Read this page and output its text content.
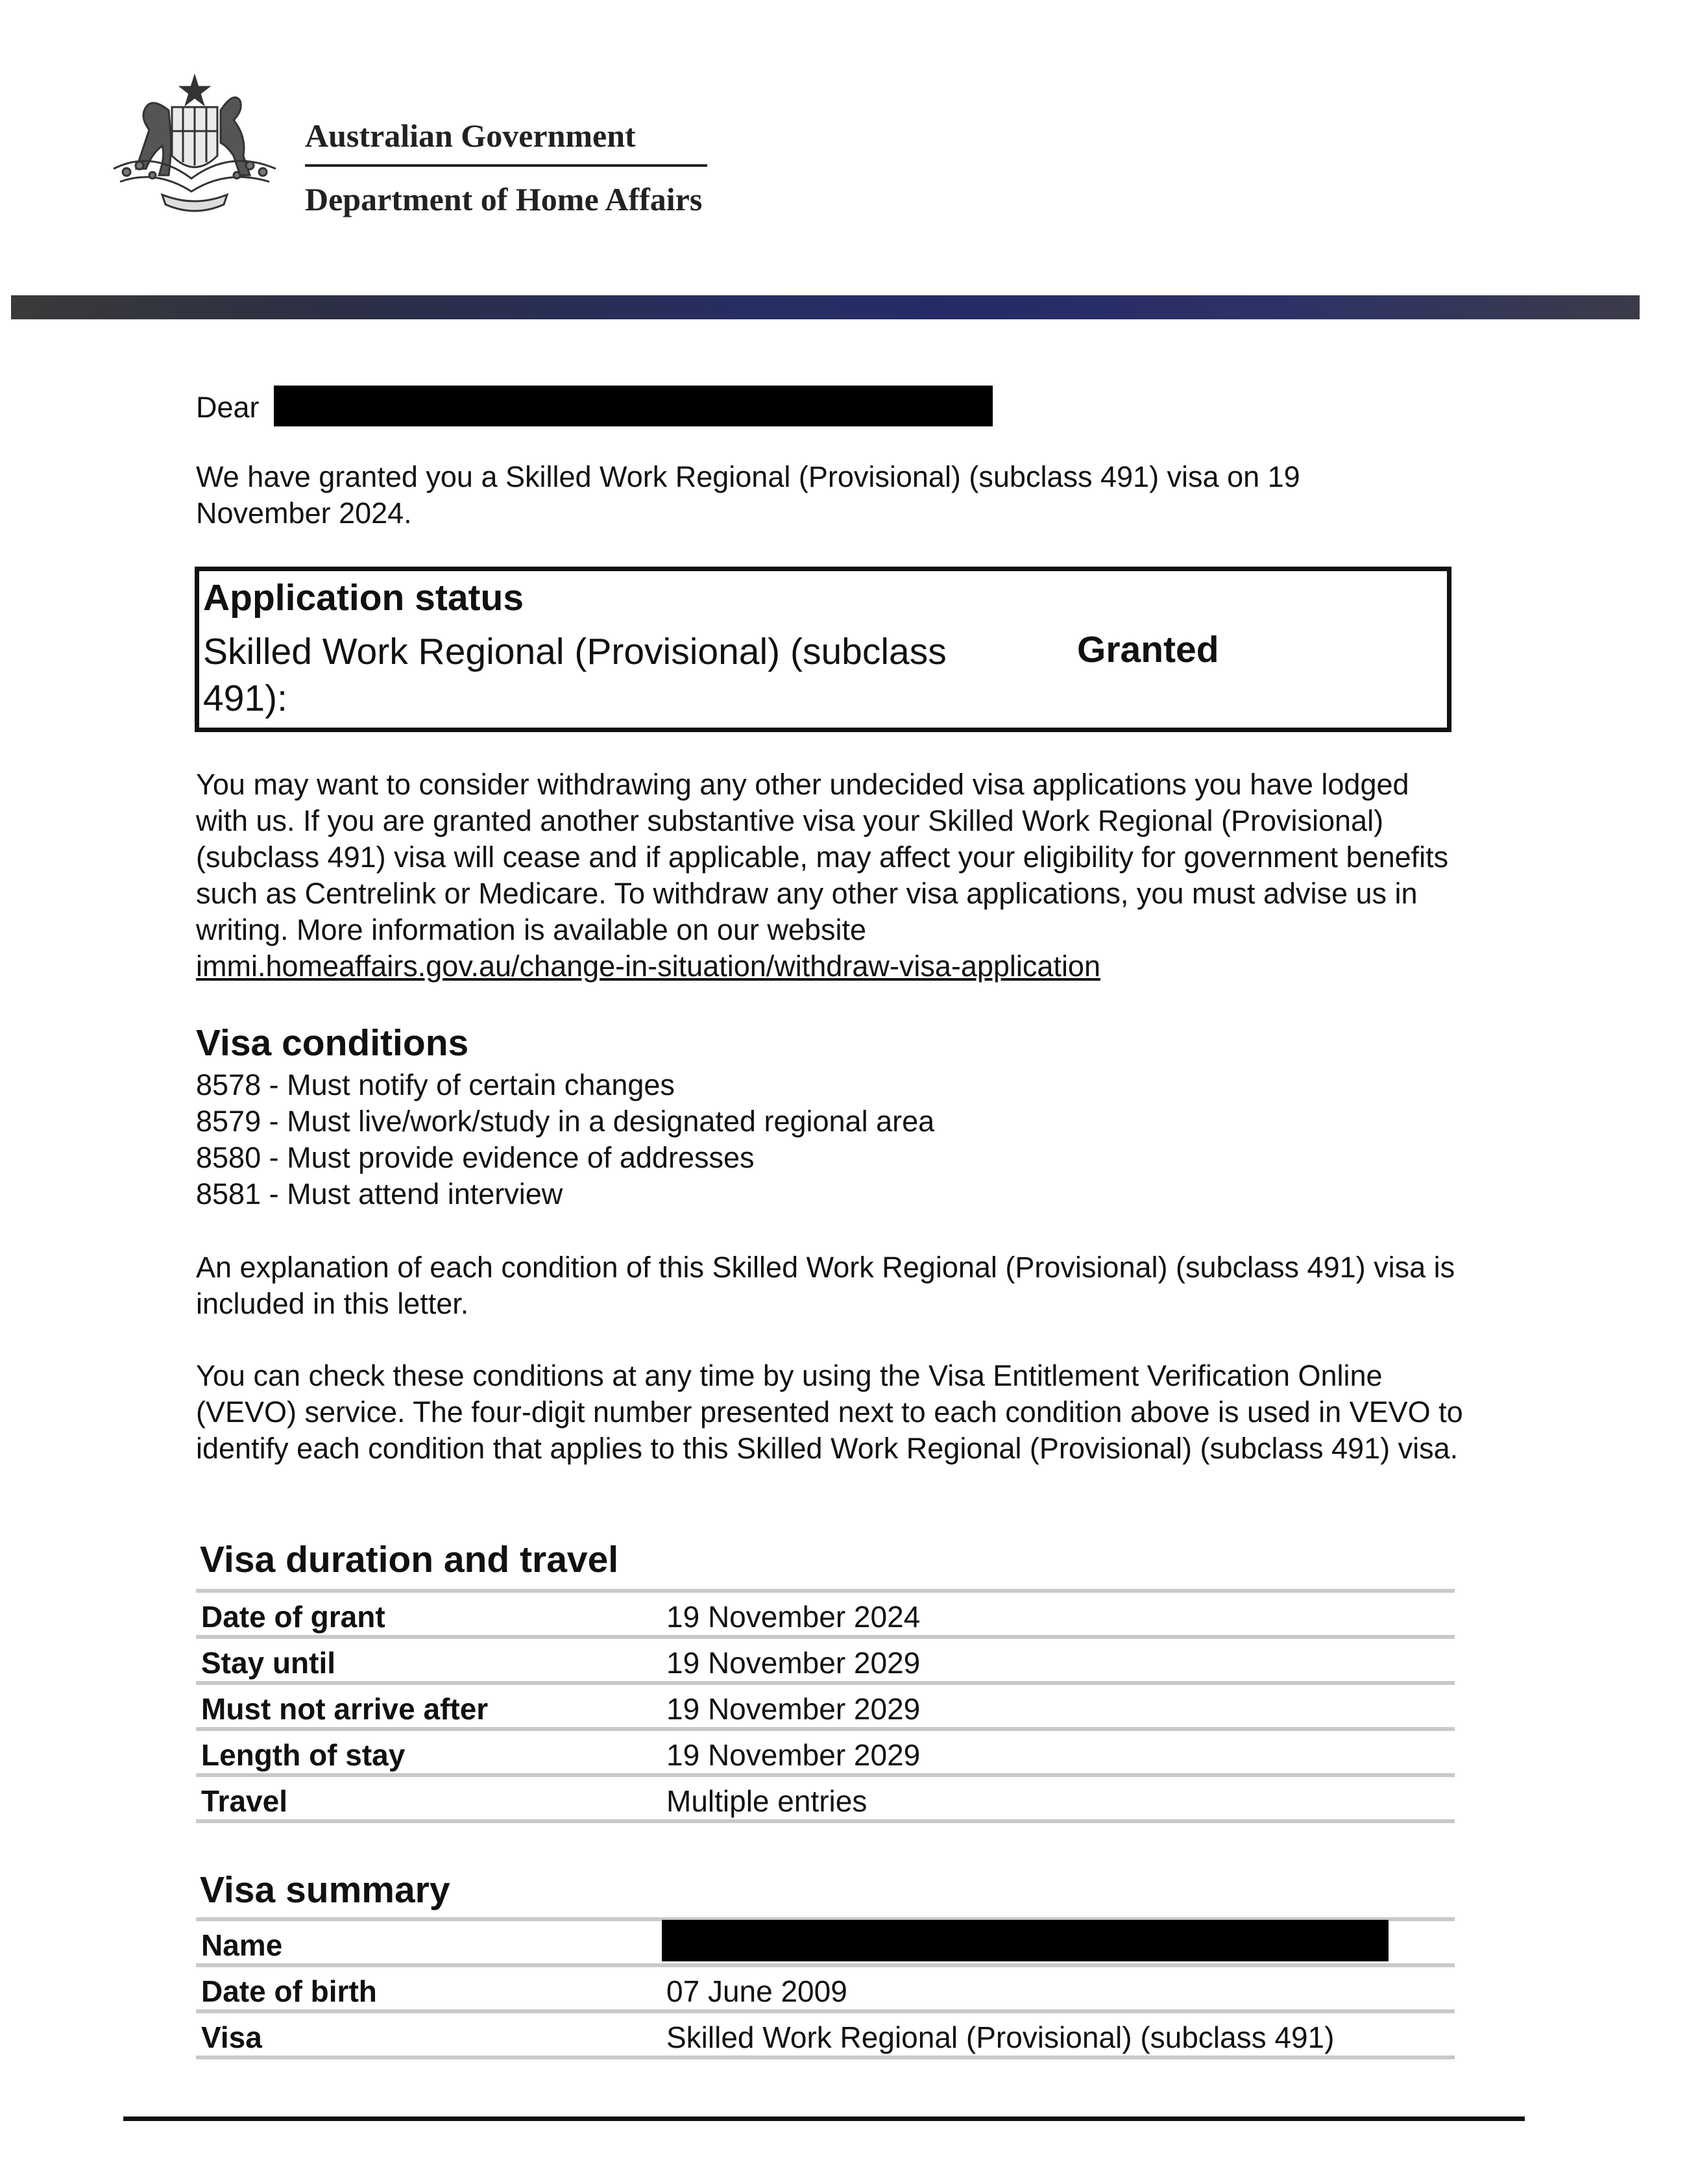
Australian Government
Department of Home Affairs
Dear
We have granted you a Skilled Work Regional (Provisional) (subclass 491) visa on 19 November 2024.
Application status
Skilled Work Regional (Provisional) (subclass 491):
Granted
You may want to consider withdrawing any other undecided visa applications you have lodged with us. If you are granted another substantive visa your Skilled Work Regional (Provisional) (subclass 491) visa will cease and if applicable, may affect your eligibility for government benefits such as Centrelink or Medicare. To withdraw any other visa applications, you must advise us in writing. More information is available on our website
immi.homeaffairs.gov.au/change-in-situation/withdraw-visa-application
Visa conditions
8578 - Must notify of certain changes
8579 - Must live/work/study in a designated regional area
8580 - Must provide evidence of addresses
8581 - Must attend interview
An explanation of each condition of this Skilled Work Regional (Provisional) (subclass 491) visa is included in this letter.
You can check these conditions at any time by using the Visa Entitlement Verification Online (VEVO) service. The four-digit number presented next to each condition above is used in VEVO to identify each condition that applies to this Skilled Work Regional (Provisional) (subclass 491) visa.
Visa duration and travel
Date of grant	19 November 2024
Stay until	19 November 2029
Must not arrive after	19 November 2029
Length of stay	19 November 2029
Travel	Multiple entries
Visa summary
Name
Date of birth	07 June 2009
Visa	Skilled Work Regional (Provisional) (subclass 491)
